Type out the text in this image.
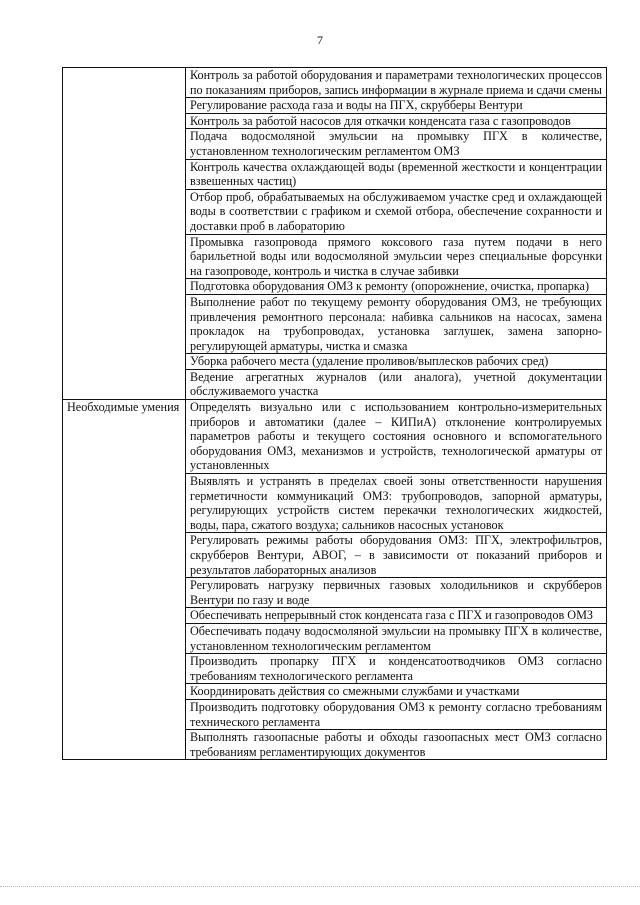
7
	Контроль за работой оборудования и параметрами технологических процессов по показаниям приборов, запись информации в журнале приема и сдачи смены
	Регулирование расхода газа и воды на ПГХ, скрубберы Вентури
	Контроль за работой насосов для откачки конденсата газа с газопроводов
	Подача водосмоляной эмульсии на промывку ПГХ в количестве, установленном технологическим регламентом ОМЗ
	Контроль качества охлаждающей воды (временной жесткости и концентрации взвешенных частиц)
	Отбор проб, обрабатываемых на обслуживаемом участке сред и охлаждающей воды в соответствии с графиком и схемой отбора, обеспечение сохранности и доставки проб в лабораторию
	Промывка газопровода прямого коксового газа путем подачи в него барильетной воды или водосмоляной эмульсии через специальные форсунки на газопроводе, контроль и чистка в случае забивки
	Подготовка оборудования ОМЗ к ремонту (опорожнение, очистка, пропарка)
	Выполнение работ по текущему ремонту оборудования ОМЗ, не требующих привлечения ремонтного персонала: набивка сальников на насосах, замена прокладок на трубопроводах, установка заглушек, замена запорно-регулирующей арматуры, чистка и смазка
	Уборка рабочего места (удаление проливов/выплесков рабочих сред)
	Ведение агрегатных журналов (или аналога), учетной документации обслуживаемого участка
Необходимые умения	Определять визуально или с использованием контрольно-измерительных приборов и автоматики (далее – КИПиА) отклонение контролируемых параметров работы и текущего состояния основного и вспомогательного оборудования ОМЗ, механизмов и устройств, технологической арматуры от установленных
	Выявлять и устранять в пределах своей зоны ответственности нарушения герметичности коммуникаций ОМЗ: трубопроводов, запорной арматуры, регулирующих устройств систем перекачки технологических жидкостей, воды, пара, сжатого воздуха; сальников насосных установок
	Регулировать режимы работы оборудования ОМЗ: ПГХ, электрофильтров, скрубберов Вентури, АВОГ, – в зависимости от показаний приборов и результатов лабораторных анализов
	Регулировать нагрузку первичных газовых холодильников и скрубберов Вентури по газу и воде
	Обеспечивать непрерывный сток конденсата газа с ПГХ и газопроводов ОМЗ
	Обеспечивать подачу водосмоляной эмульсии на промывку ПГХ в количестве, установленном технологическим регламентом
	Производить пропарку ПГХ и конденсатоотводчиков ОМЗ согласно требованиям технологического регламента
	Координировать действия со смежными службами и участками
	Производить подготовку оборудования ОМЗ к ремонту согласно требованиям технического регламента
	Выполнять газоопасные работы и обходы газоопасных мест ОМЗ согласно требованиям регламентирующих документов
